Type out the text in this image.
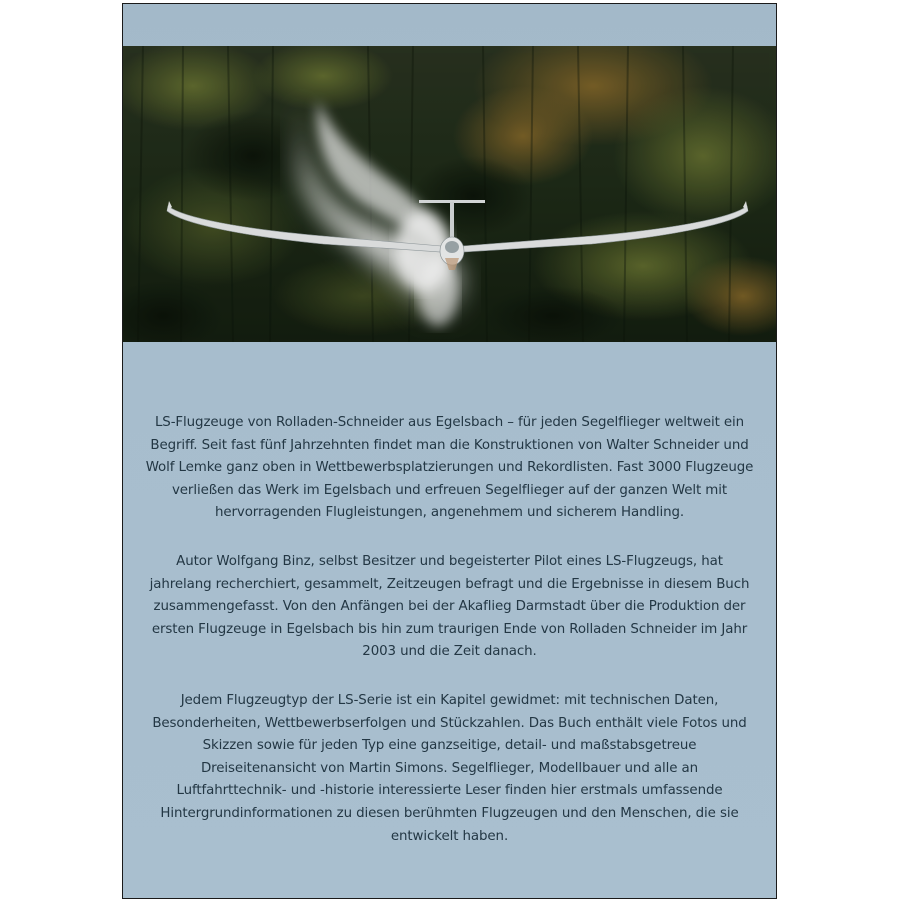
LS-Flugzeuge von Rolladen-Schneider aus Egelsbach – für jeden Segelflieger weltweit ein Begriff. Seit fast fünf Jahrzehnten findet man die Konstruktionen von Walter Schneider und Wolf Lemke ganz oben in Wettbewerbsplatzierungen und Rekordlisten. Fast 3000 Flugzeuge verließen das Werk im Egelsbach und erfreuen Segelflieger auf der ganzen Welt mit hervorragenden Flugleistungen, angenehmem und sicherem Handling.

Autor Wolfgang Binz, selbst Besitzer und begeisterter Pilot eines LS-Flugzeugs, hat jahrelang recherchiert, gesammelt, Zeitzeugen befragt und die Ergebnisse in diesem Buch zusammengefasst. Von den Anfängen bei der Akaflieg Darmstadt über die Produktion der ersten Flugzeuge in Egelsbach bis hin zum traurigen Ende von Rolladen Schneider im Jahr 2003 und die Zeit danach.

Jedem Flugzeugtyp der LS-Serie ist ein Kapitel gewidmet: mit technischen Daten, Besonderheiten, Wettbewerbserfolgen und Stückzahlen. Das Buch enthält viele Fotos und Skizzen sowie für jeden Typ eine ganzseitige, detail- und maßstabsgetreue Dreiseitenansicht von Martin Simons. Segelflieger, Modellbauer und alle an Luftfahrttechnik- und -historie interessierte Leser finden hier erstmals umfassende Hintergrundinformationen zu diesen berühmten Flugzeugen und den Menschen, die sie entwickelt haben.
